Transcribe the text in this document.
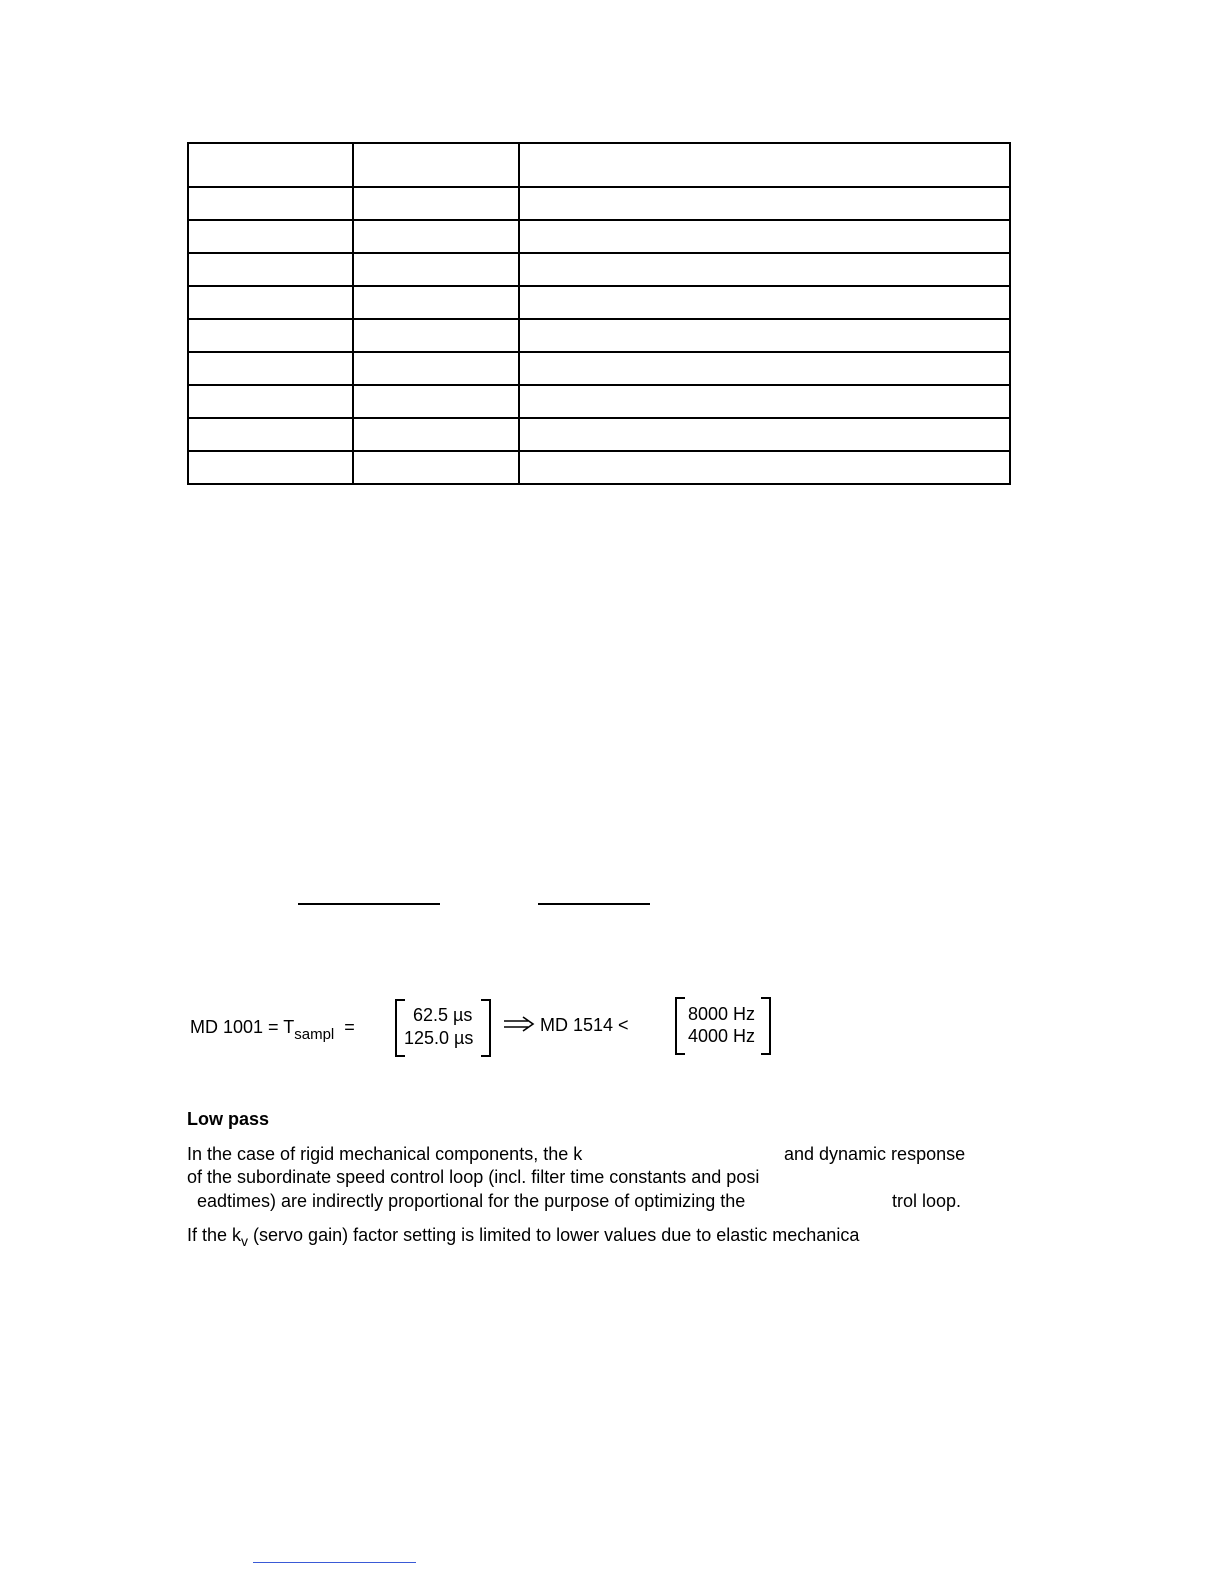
MD $1001 = T_{sampl}$ =
62.5 µs
125.0 µs
MD 1514 <
8000 Hz
4000 Hz
Low pass

In the case of rigid mechanical components, the k	and dynamic response

of the subordinate speed control loop (incl. filter time constants and posi

eadtimes) are indirectly proportional for the purpose of optimizing the	trol loop.

If the $k_v$ (servo gain) factor setting is limited to lower values due to elastic mechanica
